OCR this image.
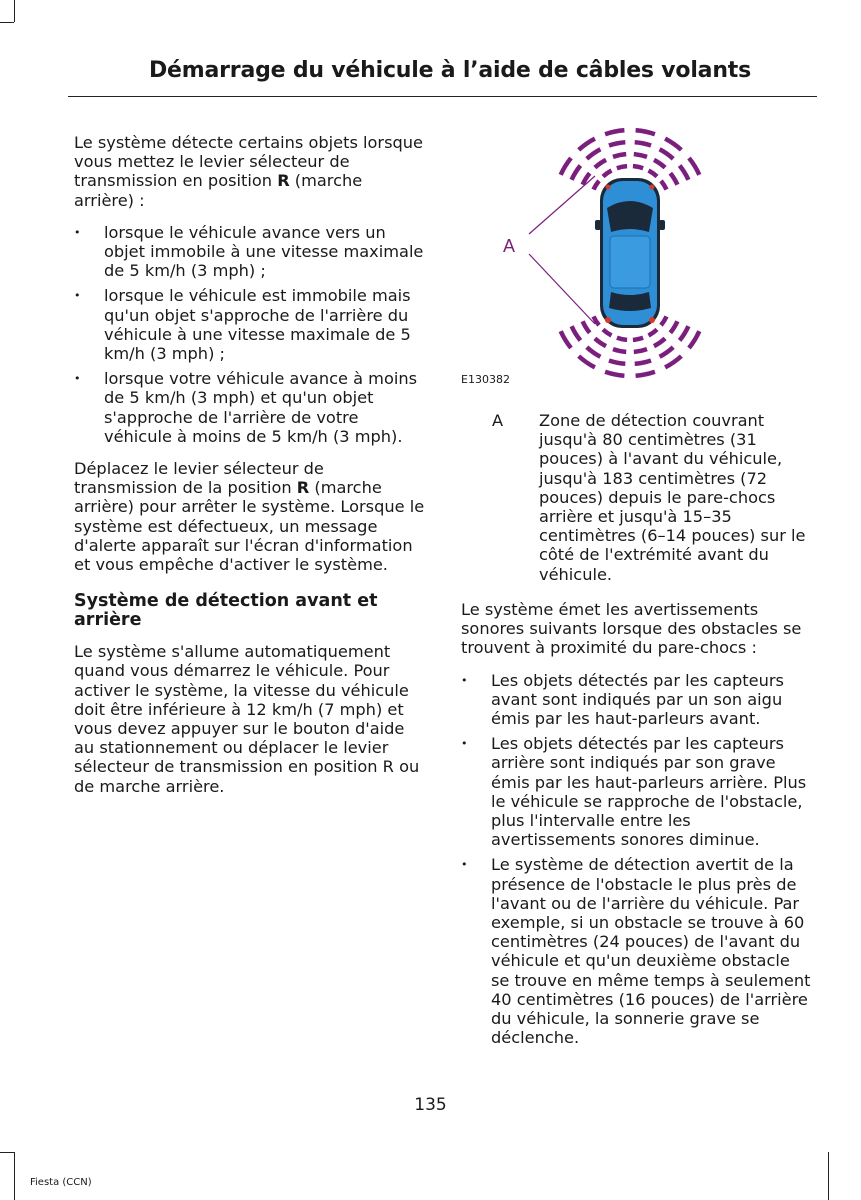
Démarrage du véhicule à l’aide de câbles volants

Le système détecte certains objets lorsque vous mettez le levier sélecteur de transmission en position R (marche arrière) :

• lorsque le véhicule avance vers un objet immobile à une vitesse maximale de 5 km/h (3 mph) ;
• lorsque le véhicule est immobile mais qu'un objet s'approche de l'arrière du véhicule à une vitesse maximale de 5 km/h (3 mph) ;
• lorsque votre véhicule avance à moins de 5 km/h (3 mph) et qu'un objet s'approche de l'arrière de votre véhicule à moins de 5 km/h (3 mph).

Déplacez le levier sélecteur de transmission de la position R (marche arrière) pour arrêter le système. Lorsque le système est défectueux, un message d'alerte apparaît sur l'écran d'information et vous empêche d'activer le système.

Système de détection avant et arrière

Le système s'allume automatiquement quand vous démarrez le véhicule. Pour activer le système, la vitesse du véhicule doit être inférieure à 12 km/h (7 mph) et vous devez appuyer sur le bouton d'aide au stationnement ou déplacer le levier sélecteur de transmission en position R ou de marche arrière.

A
E130382
A Zone de détection couvrant jusqu'à 80 centimètres (31 pouces) à l'avant du véhicule, jusqu'à 183 centimètres (72 pouces) depuis le pare-chocs arrière et jusqu'à 15–35 centimètres (6–14 pouces) sur le côté de l'extrémité avant du véhicule.

Le système émet les avertissements sonores suivants lorsque des obstacles se trouvent à proximité du pare-chocs :

• Les objets détectés par les capteurs avant sont indiqués par un son aigu émis par les haut-parleurs avant.
• Les objets détectés par les capteurs arrière sont indiqués par son grave émis par les haut-parleurs arrière. Plus le véhicule se rapproche de l'obstacle, plus l'intervalle entre les avertissements sonores diminue.
• Le système de détection avertit de la présence de l'obstacle le plus près de l'avant ou de l'arrière du véhicule. Par exemple, si un obstacle se trouve à 60 centimètres (24 pouces) de l'avant du véhicule et qu'un deuxième obstacle se trouve en même temps à seulement 40 centimètres (16 pouces) de l'arrière du véhicule, la sonnerie grave se déclenche.
135
Fiesta (CCN)
